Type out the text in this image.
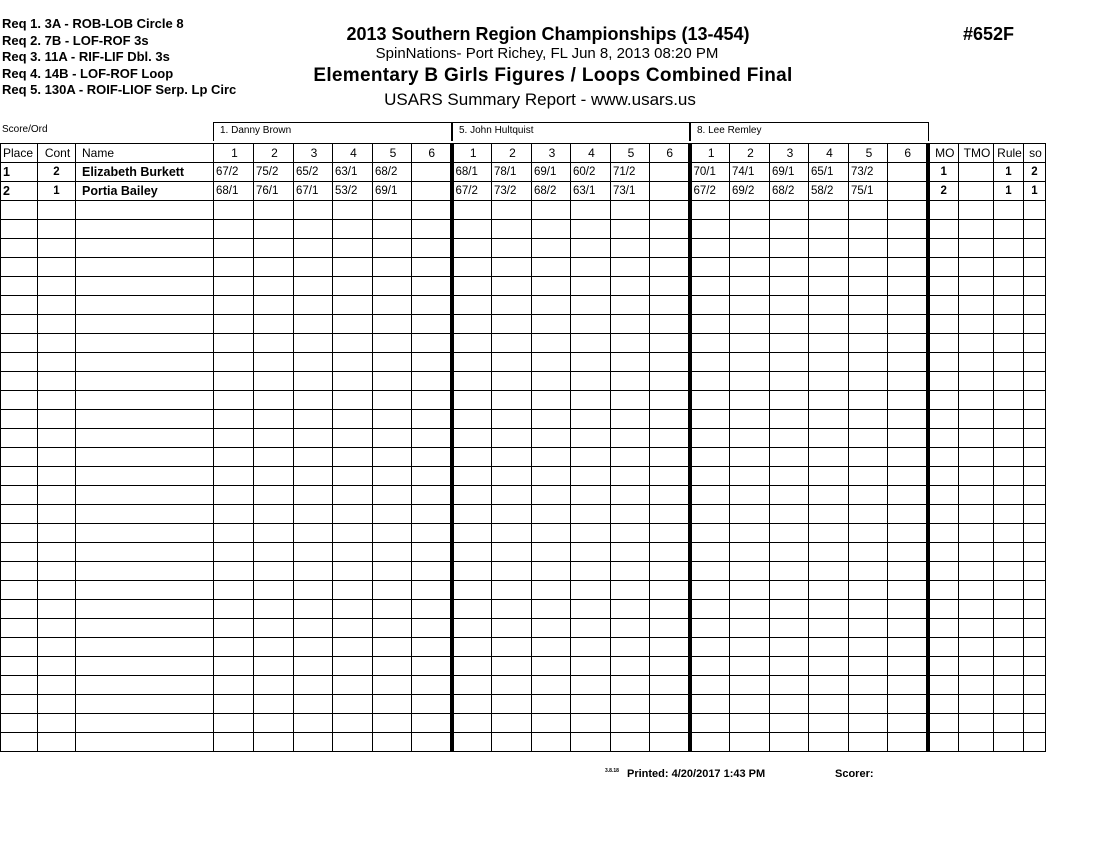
Req 1. 3A - ROB-LOB Circle 8
Req 2. 7B - LOF-ROF 3s
Req 3. 11A - RIF-LIF Dbl. 3s
Req 4. 14B - LOF-ROF Loop
Req 5. 130A - ROIF-LIOF Serp. Lp Circ
2013 Southern Region Championships (13-454)
SpinNations- Port Richey, FL Jun 8, 2013 08:20 PM
Elementary B Girls Figures / Loops Combined Final
USARS Summary Report - www.usars.us
#652F
Score/Ord	1. Danny Brown	5. John Hultquist	8. Lee Remley
Place	Cont	Name	1	2	3	4	5	6	1	2	3	4	5	6	1	2	3	4	5	6	MO	TMO	Rule	so
1	2	Elizabeth Burkett	67/2	75/2	65/2	63/1	68/2		68/1	78/1	69/1	60/2	71/2		70/1	74/1	69/1	65/1	73/2		1		1	2
2	1	Portia Bailey	68/1	76/1	67/1	53/2	69/1		67/2	73/2	68/2	63/1	73/1		67/2	69/2	68/2	58/2	75/1		2		1	1

3.8.18 Printed: 4/20/2017 1:43 PM	Scorer:
